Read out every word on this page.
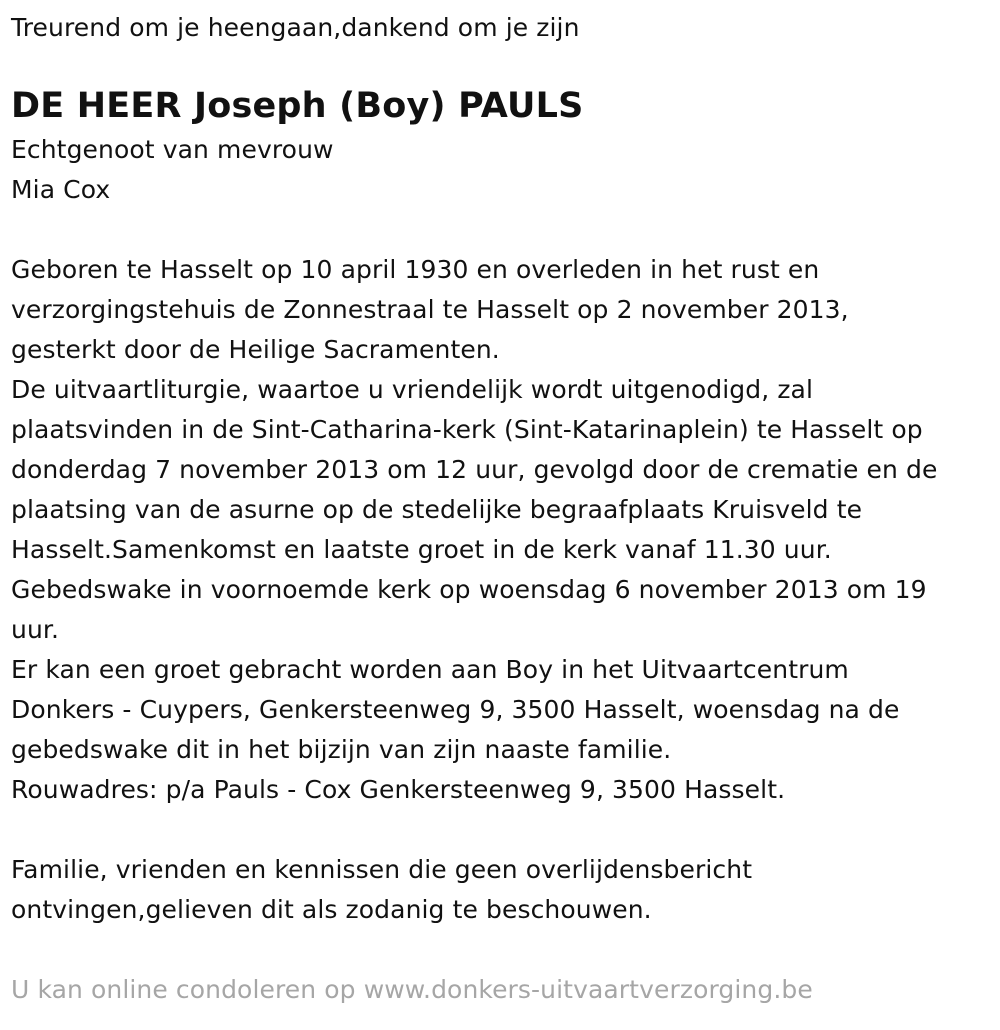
Treurend om je heengaan,dankend om je zijn
DE HEER Joseph (Boy) PAULS
Echtgenoot van mevrouw
Mia Cox
Geboren te Hasselt op 10 april 1930 en overleden in het rust en
verzorgingstehuis de Zonnestraal te Hasselt op 2 november 2013,
gesterkt door de Heilige Sacramenten.
De uitvaartliturgie, waartoe u vriendelijk wordt uitgenodigd, zal
plaatsvinden in de Sint-Catharina-kerk (Sint-Katarinaplein) te Hasselt op
donderdag 7 november 2013 om 12 uur, gevolgd door de crematie en de
plaatsing van de asurne op de stedelijke begraafplaats Kruisveld te
Hasselt.Samenkomst en laatste groet in de kerk vanaf 11.30 uur.
Gebedswake in voornoemde kerk op woensdag 6 november 2013 om 19
uur.
Er kan een groet gebracht worden aan Boy in het Uitvaartcentrum
Donkers - Cuypers, Genkersteenweg 9, 3500 Hasselt, woensdag na de
gebedswake dit in het bijzijn van zijn naaste familie.
Rouwadres: p/a Pauls - Cox Genkersteenweg 9, 3500 Hasselt.
Familie, vrienden en kennissen die geen overlijdensbericht
ontvingen,gelieven dit als zodanig te beschouwen.
U kan online condoleren op www.donkers-uitvaartverzorging.be
